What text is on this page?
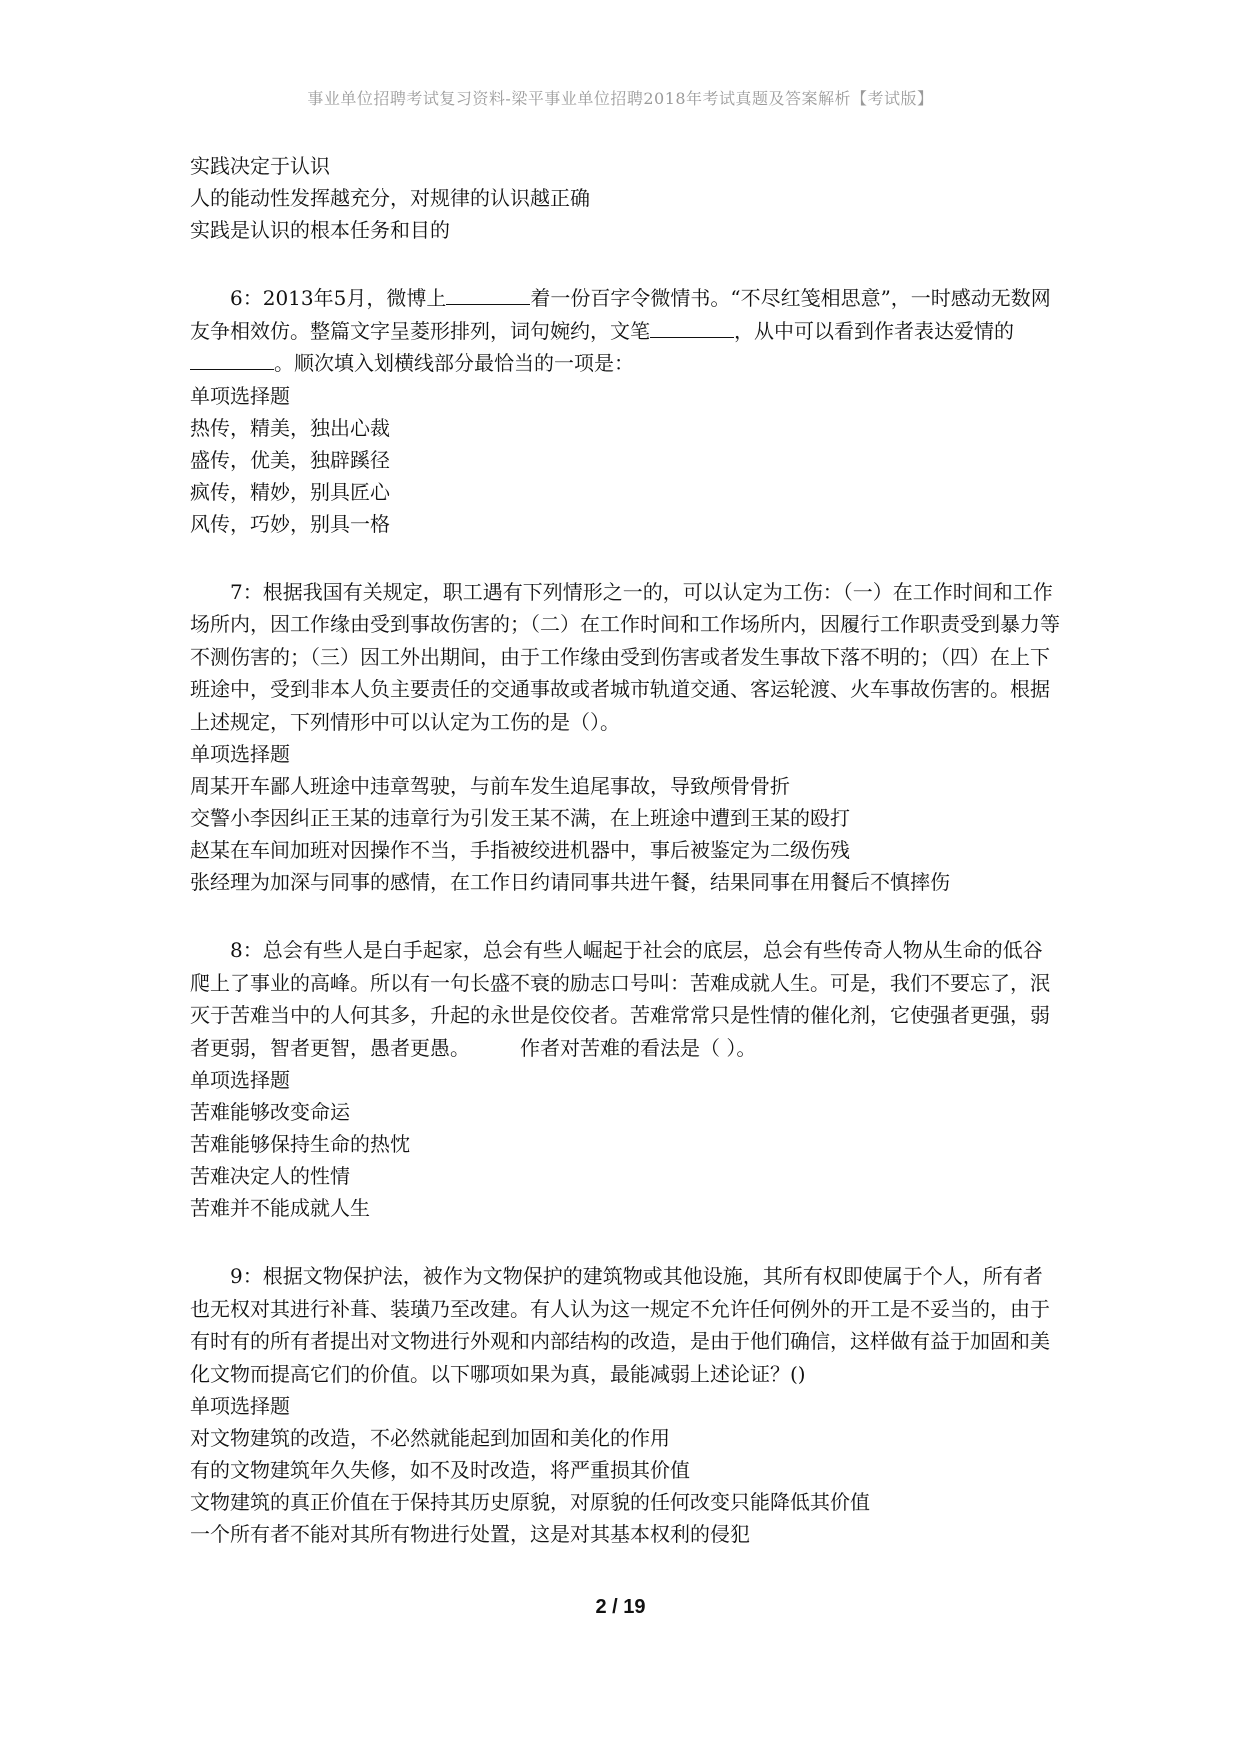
事业单位招聘考试复习资料-梁平事业单位招聘2018年考试真题及答案解析【考试版】
实践决定于认识
人的能动性发挥越充分，对规律的认识越正确
实践是认识的根本任务和目的
6：2013年5月，微博上	着一份百字令微情书。“不尽红笺相思意”，一时感动无数网友争相效仿。整篇文字呈菱形排列，词句婉约，文笔	，从中可以看到作者表达爱情的。顺次填入划横线部分最恰当的一项是：
单项选择题
热传，精美，独出心裁
盛传，优美，独辟蹊径
疯传，精妙，别具匠心
风传，巧妙，别具一格
7：根据我国有关规定，职工遇有下列情形之一的，可以认定为工伤：（一）在工作时间和工作场所内，因工作缘由受到事故伤害的；（二）在工作时间和工作场所内，因履行工作职责受到暴力等不测伤害的；（三）因工外出期间，由于工作缘由受到伤害或者发生事故下落不明的；（四）在上下班途中，受到非本人负主要责任的交通事故或者城市轨道交通、客运轮渡、火车事故伤害的。根据上述规定，下列情形中可以认定为工伤的是（）。
单项选择题
周某开车鄙人班途中违章驾驶，与前车发生追尾事故，导致颅骨骨折
交警小李因纠正王某的违章行为引发王某不满，在上班途中遭到王某的殴打
赵某在车间加班对因操作不当，手指被绞进机器中，事后被鉴定为二级伤残
张经理为加深与同事的感情，在工作日约请同事共进午餐，结果同事在用餐后不慎摔伤
8：总会有些人是白手起家，总会有些人崛起于社会的底层，总会有些传奇人物从生命的低谷爬上了事业的高峰。所以有一句长盛不衰的励志口号叫：苦难成就人生。可是，我们不要忘了，泯灭于苦难当中的人何其多，升起的永世是佼佼者。苦难常常只是性情的催化剂，它使强者更强，弱者更弱，智者更智，愚者更愚。　　　作者对苦难的看法是（ ）。
单项选择题
苦难能够改变命运
苦难能够保持生命的热忱
苦难决定人的性情
苦难并不能成就人生
9：根据文物保护法，被作为文物保护的建筑物或其他设施，其所有权即使属于个人，所有者也无权对其进行补葺、装璜乃至改建。有人认为这一规定不允许任何例外的开工是不妥当的，由于有时有的所有者提出对文物进行外观和内部结构的改造，是由于他们确信，这样做有益于加固和美化文物而提高它们的价值。以下哪项如果为真，最能减弱上述论证？()
单项选择题
对文物建筑的改造，不必然就能起到加固和美化的作用
有的文物建筑年久失修，如不及时改造，将严重损其价值
文物建筑的真正价值在于保持其历史原貌，对原貌的任何改变只能降低其价值
一个所有者不能对其所有物进行处置，这是对其基本权利的侵犯
2 / 19
